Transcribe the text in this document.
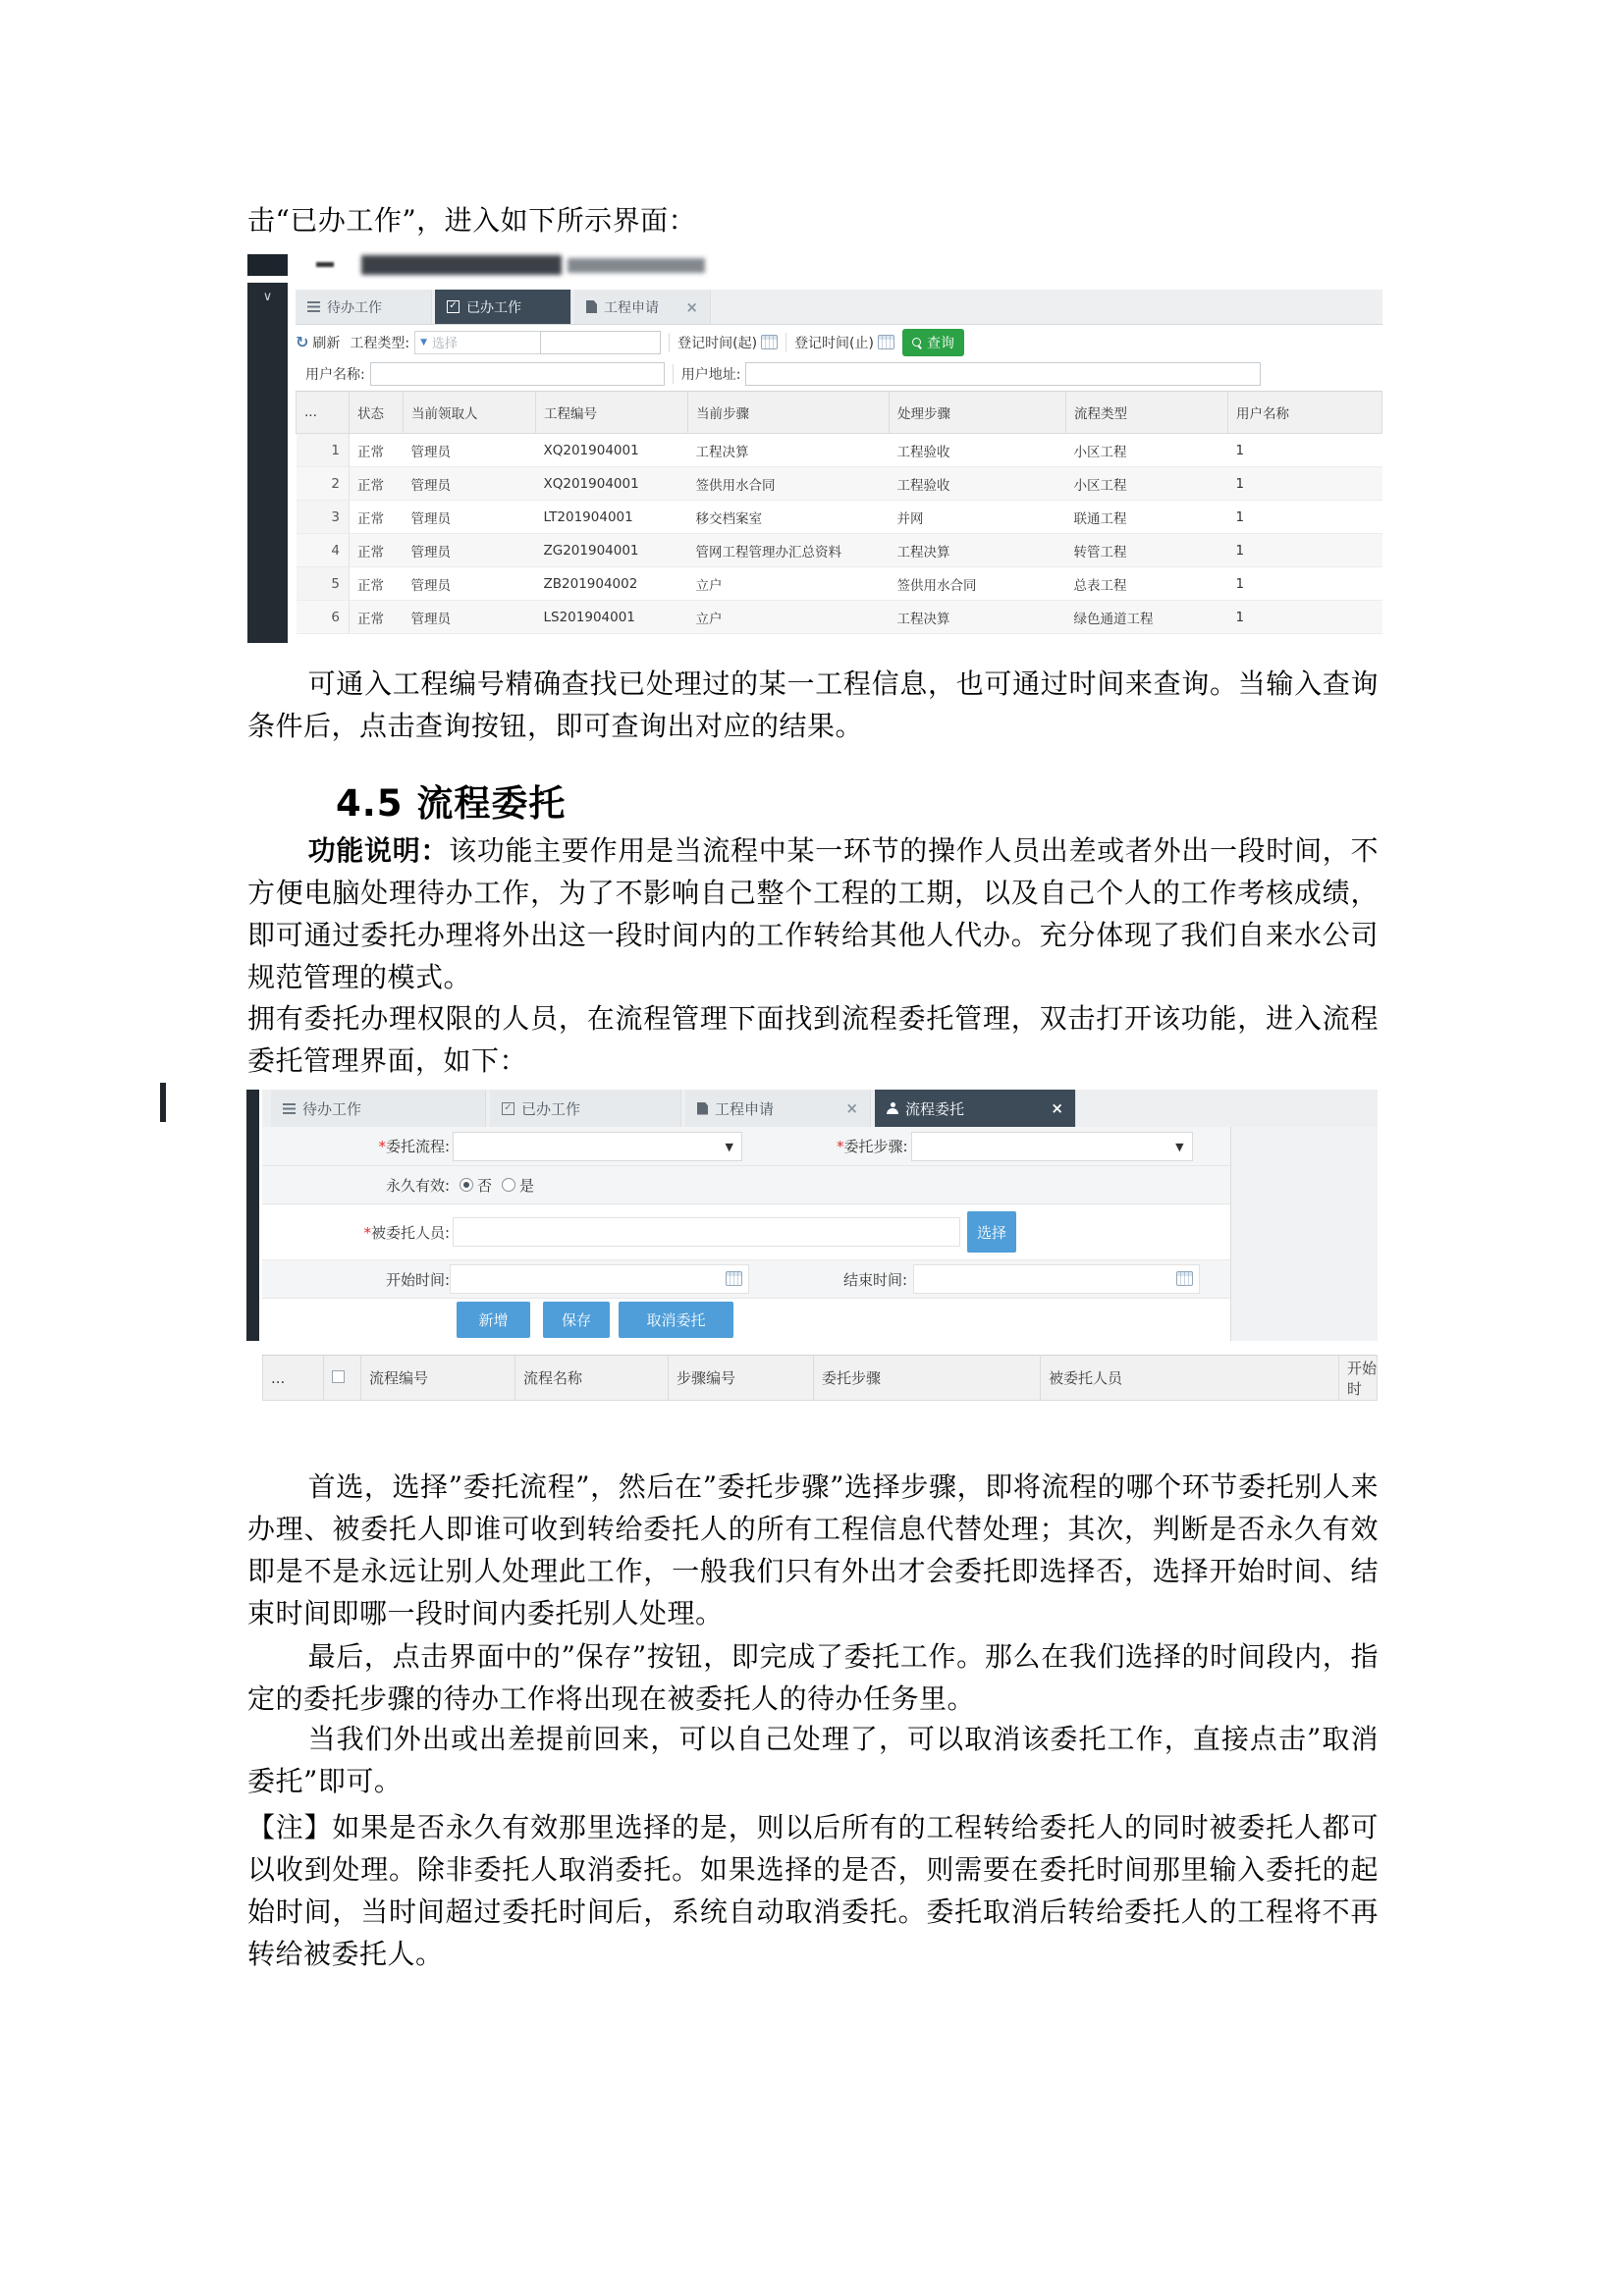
击“已办工作”，进入如下所示界面：

∨
待办工作	✓ 已办工作	工程申请 ×
↻ 刷新 工程类型: ▼ 选择	登记时间(起)	登记时间(止)	查询
用户名称:	用户地址:
...	状态	当前领取人	工程编号	当前步骤	处理步骤	流程类型	用户名称
1	正常	管理员	XQ201904001	工程决算	工程验收	小区工程	1
2	正常	管理员	XQ201904001	签供用水合同	工程验收	小区工程	1
3	正常	管理员	LT201904001	移交档案室	并网	联通工程	1
4	正常	管理员	ZG201904001	管网工程管理办汇总资料	工程决算	转管工程	1
5	正常	管理员	ZB201904002	立户	签供用水合同	总表工程	1
6	正常	管理员	LS201904001	立户	工程决算	绿色通道工程	1

可通入工程编号精确查找已处理过的某一工程信息，也可通过时间来查询。当输入查询条件后，点击查询按钮，即可查询出对应的结果。

4.5 流程委托

功能说明：该功能主要作用是当流程中某一环节的操作人员出差或者外出一段时间，不方便电脑处理待办工作，为了不影响自己整个工程的工期，以及自己个人的工作考核成绩，即可通过委托办理将外出这一段时间内的工作转给其他人代办。充分体现了我们自来水公司规范管理的模式。

拥有委托办理权限的人员，在流程管理下面找到流程委托管理，双击打开该功能，进入流程委托管理界面，如下：

待办工作	✓ 已办工作	工程申请	×	流程委托	×
*委托流程:	▼	*委托步骤:	▼
永久有效: 否 是
*被委托人员:	选择
开始时间:	结束时间:
新增	保存	取消委托
...		流程编号	流程名称	步骤编号	委托步骤	被委托人员	开始时

首选，选择”委托流程”，然后在”委托步骤”选择步骤，即将流程的哪个环节委托别人来办理、被委托人即谁可收到转给委托人的所有工程信息代替处理；其次，判断是否永久有效即是不是永远让别人处理此工作，一般我们只有外出才会委托即选择否，选择开始时间、结束时间即哪一段时间内委托别人处理。

最后，点击界面中的”保存”按钮，即完成了委托工作。那么在我们选择的时间段内，指定的委托步骤的待办工作将出现在被委托人的待办任务里。

当我们外出或出差提前回来，可以自己处理了，可以取消该委托工作，直接点击”取消委托”即可。

【注】如果是否永久有效那里选择的是，则以后所有的工程转给委托人的同时被委托人都可以收到处理。除非委托人取消委托。如果选择的是否，则需要在委托时间那里输入委托的起始时间，当时间超过委托时间后，系统自动取消委托。委托取消后转给委托人的工程将不再转给被委托人。
